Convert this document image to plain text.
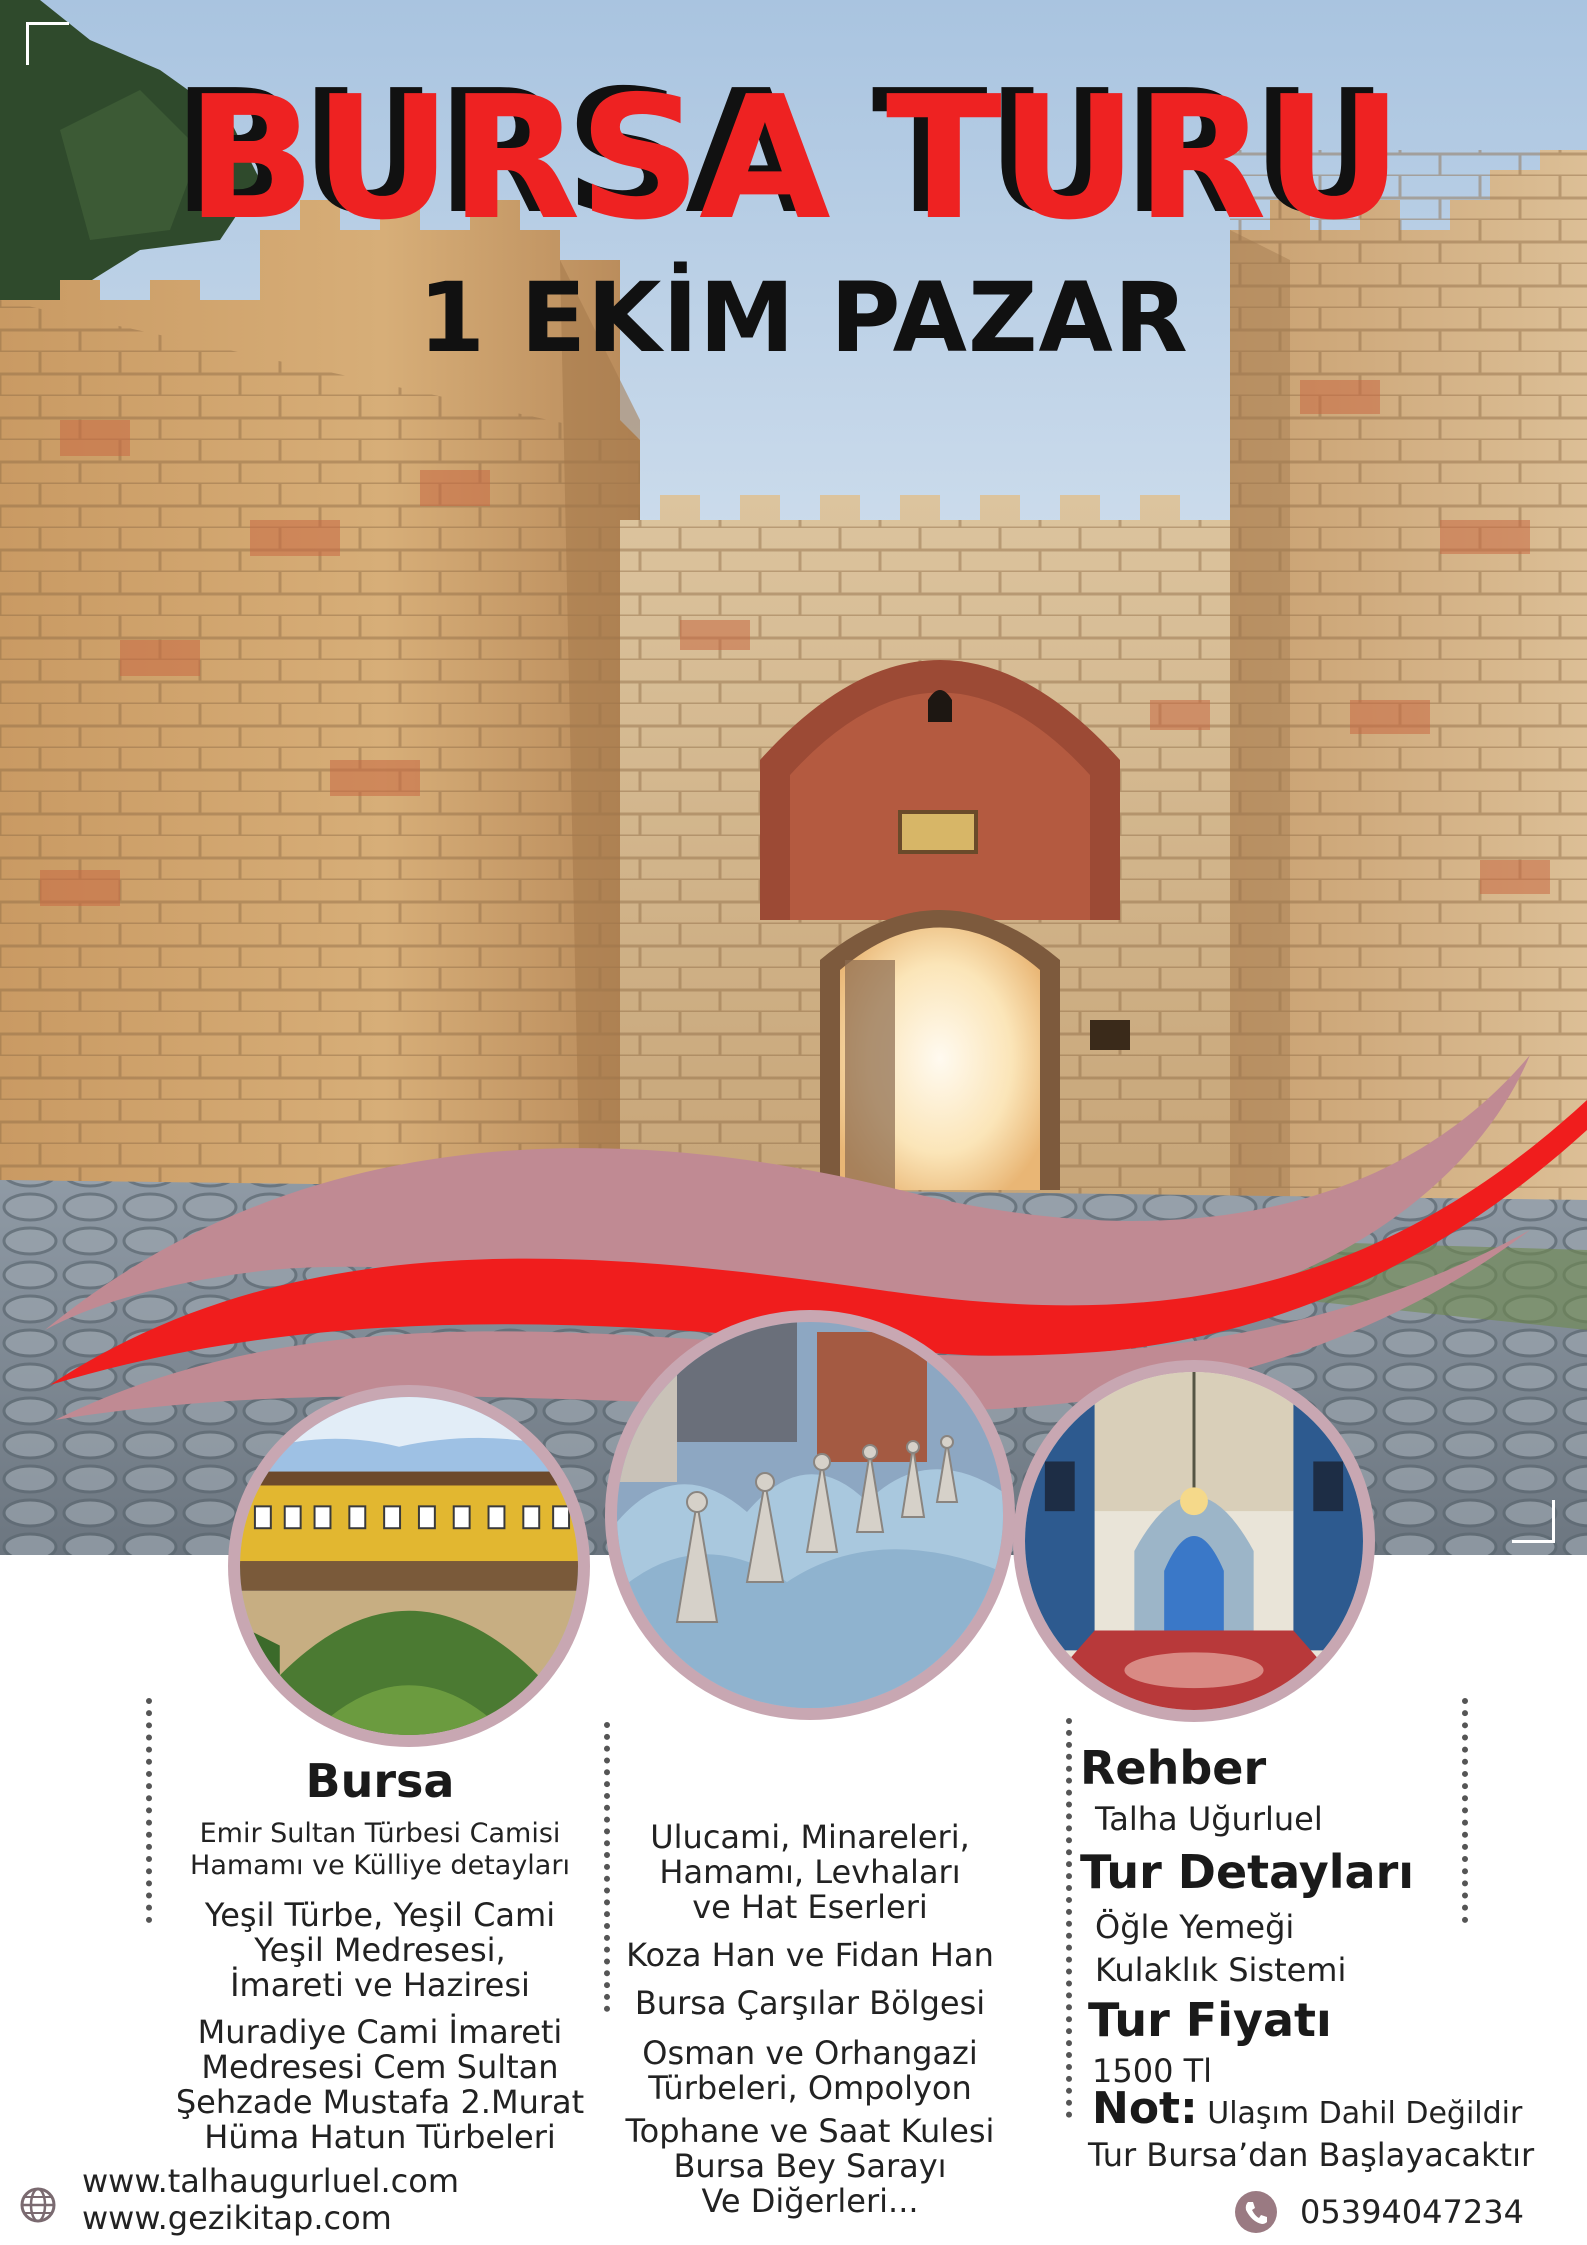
BURSA TURU
1 EKİM PAZAR
Bursa
Emir Sultan Türbesi Camisi
Hamamı ve Külliye detayları
Yeşil Türbe, Yeşil Cami
Yeşil Medresesi,
İmareti ve Haziresi
Muradiye Cami İmareti
Medresesi Cem Sultan
Şehzade Mustafa 2.Murat
Hüma Hatun Türbeleri
Ulucami, Minareleri,
Hamamı, Levhaları
ve Hat Eserleri
Koza Han ve Fidan Han
Bursa Çarşılar Bölgesi
Osman ve Orhangazi
Türbeleri, Ompolyon
Tophane ve Saat Kulesi
Bursa Bey Sarayı
Ve Diğerleri...
Rehber
Talha Uğurluel
Tur Detayları
Öğle Yemeği
Kulaklık Sistemi
Tur Fiyatı
1500 Tl
Not: Ulaşım Dahil Değildir
Tur Bursa’dan Başlayacaktır
www.talhaugurluel.com
www.gezikitap.com	05394047234
